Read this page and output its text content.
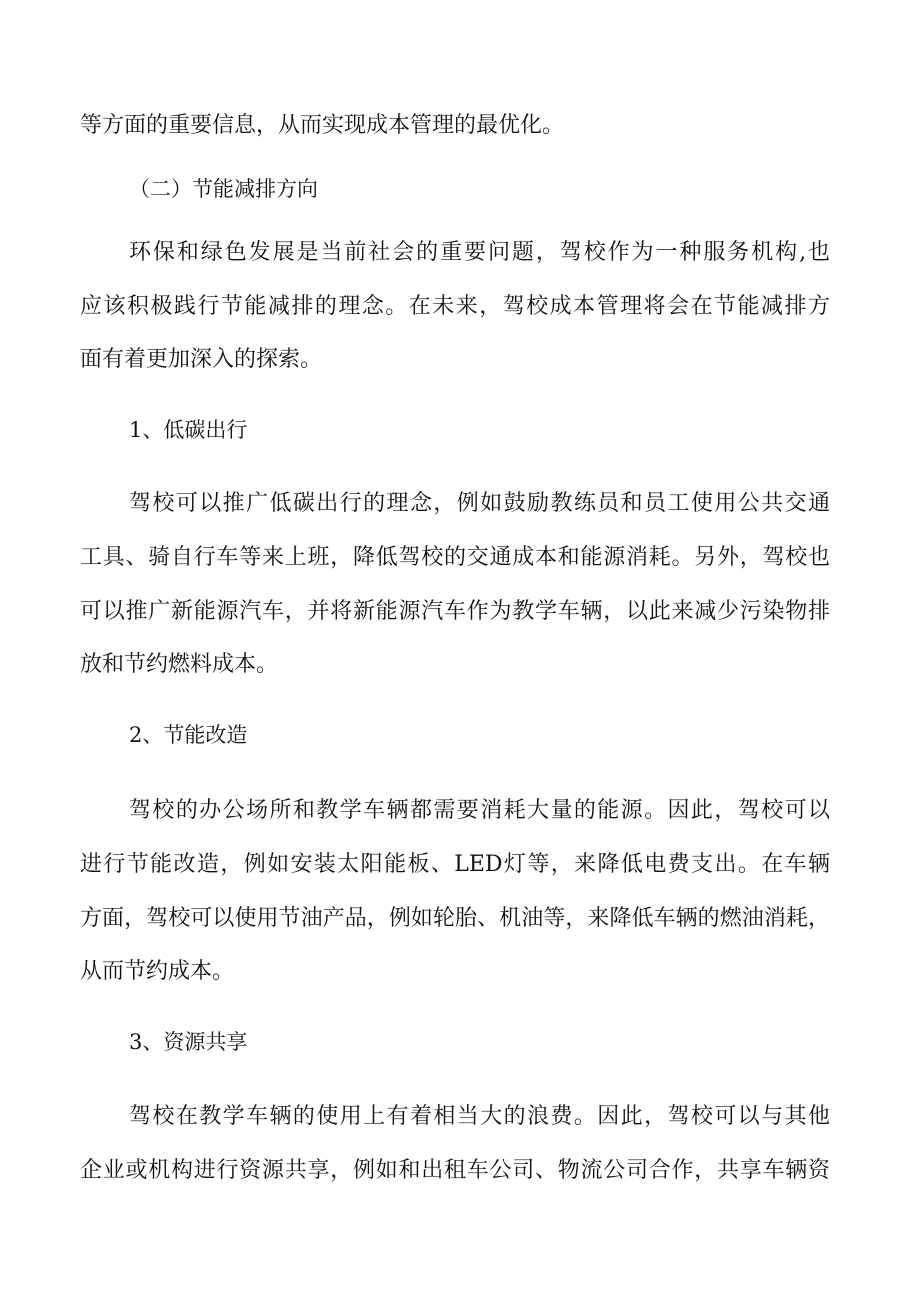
等方面的重要信息，从而实现成本管理的最优化。
（二）节能减排方向
环保和绿色发展是当前社会的重要问题，驾校作为一种服务机构,也
应该积极践行节能减排的理念。在未来，驾校成本管理将会在节能减排方
面有着更加深入的探索。
1、低碳出行
驾校可以推广低碳出行的理念，例如鼓励教练员和员工使用公共交通
工具、骑自行车等来上班，降低驾校的交通成本和能源消耗。另外，驾校也
可以推广新能源汽车，并将新能源汽车作为教学车辆，以此来减少污染物排
放和节约燃料成本。
2、节能改造
驾校的办公场所和教学车辆都需要消耗大量的能源。因此，驾校可以
进行节能改造，例如安装太阳能板、LED灯等，来降低电费支出。在车辆
方面，驾校可以使用节油产品，例如轮胎、机油等，来降低车辆的燃油消耗，
从而节约成本。
3、资源共享
驾校在教学车辆的使用上有着相当大的浪费。因此，驾校可以与其他
企业或机构进行资源共享，例如和出租车公司、物流公司合作，共享车辆资
